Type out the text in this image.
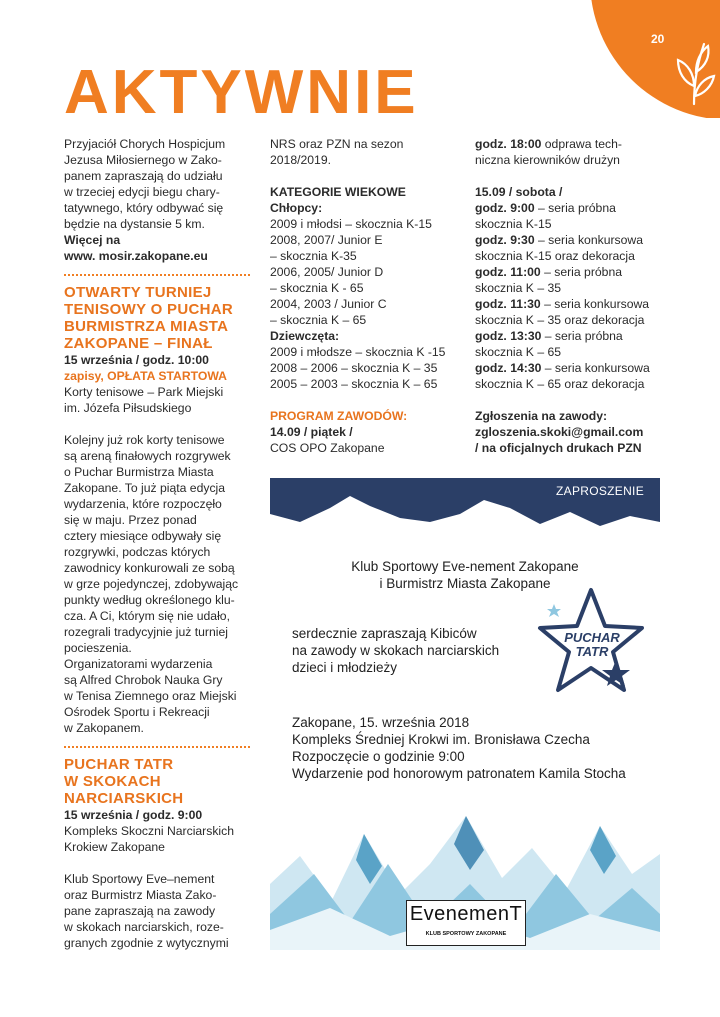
20
AKTYWNIE

Przyjaciół Chorych Hospicjum
Jezusa Miłosiernego w Zako-
panem zapraszają do udziału
w trzeciej edycji biegu chary-
tatywnego, który odbywać się
będzie na dystansie 5 km.

Więcej na

www. mosir.zakopane.eu

OTWARTY TURNIEJ
TENISOWY O PUCHAR
BURMISTRZA MIASTA
ZAKOPANE – FINAŁ

15 września / godz. 10:00

zapisy, OPŁATA STARTOWA

Korty tenisowe – Park Miejski
im. Józefa Piłsudskiego

Kolejny już rok korty tenisowe
są areną finałowych rozgrywek
o Puchar Burmistrza Miasta
Zakopane. To już piąta edycja
wydarzenia, które rozpoczęło
się w maju. Przez ponad
cztery miesiące odbywały się
rozgrywki, podczas których
zawodnicy konkurowali ze sobą
w grze pojedynczej, zdobywając
punkty według określonego klu-
cza. A Ci, którym się nie udało,
rozegrali tradycyjnie już turniej
pocieszenia.
Organizatorami wydarzenia
są Alfred Chrobok Nauka Gry
w Tenisa Ziemnego oraz Miejski
Ośrodek Sportu i Rekreacji
w Zakopanem.

PUCHAR TATR
W SKOKACH
NARCIARSKICH

15 września / godz. 9:00

Kompleks Skoczni Narciarskich
Krokiew Zakopane

Klub Sportowy Eve–nement
oraz Burmistrz Miasta Zako-
pane zapraszają na zawody
w skokach narciarskich, roze-
granych zgodnie z wytycznymi

NRS oraz PZN na sezon
2018/2019.

KATEGORIE WIEKOWE

Chłopcy:

2009 i młodsi – skocznia K-15
2008, 2007/ Junior E
– skocznia K-35
2006, 2005/ Junior D
– skocznia K - 65
2004, 2003 / Junior C
– skocznia K – 65

Dziewczęta:

2009 i młodsze – skocznia K -15
2008 – 2006 – skocznia K – 35
2005 – 2003 – skocznia K – 65

PROGRAM ZAWODÓW:

14.09 / piątek /

COS OPO Zakopane

godz. 18:00 odprawa tech-
niczna kierowników drużyn

15.09 / sobota /

godz. 9:00 – seria próbna
skocznia K-15

godz. 9:30 – seria konkursowa
skocznia K-15 oraz dekoracja

godz. 11:00 – seria próbna
skocznia K – 35

godz. 11:30 – seria konkursowa
skocznia K – 35 oraz dekoracja

godz. 13:30 – seria próbna
skocznia K – 65

godz. 14:30 – seria konkursowa
skocznia K – 65 oraz dekoracja

Zgłoszenia na zawody:
zgloszenia.skoki@gmail.com
/ na oficjalnych drukach PZN

ZAPROSZENIE
Klub Sportowy Eve-nement Zakopane
i Burmistrz Miasta Zakopane
serdecznie zapraszają Kibiców
na zawody w skokach narciarskich
dzieci i młodzieży
PUCHAR
TATR
Zakopane, 15. września 2018
Kompleks Średniej Krokwi im. Bronisława Czecha
Rozpoczęcie o godzinie 9:00
Wydarzenie pod honorowym patronatem Kamila Stocha
EvenemenT
KLUB SPORTOWY ZAKOPANE
